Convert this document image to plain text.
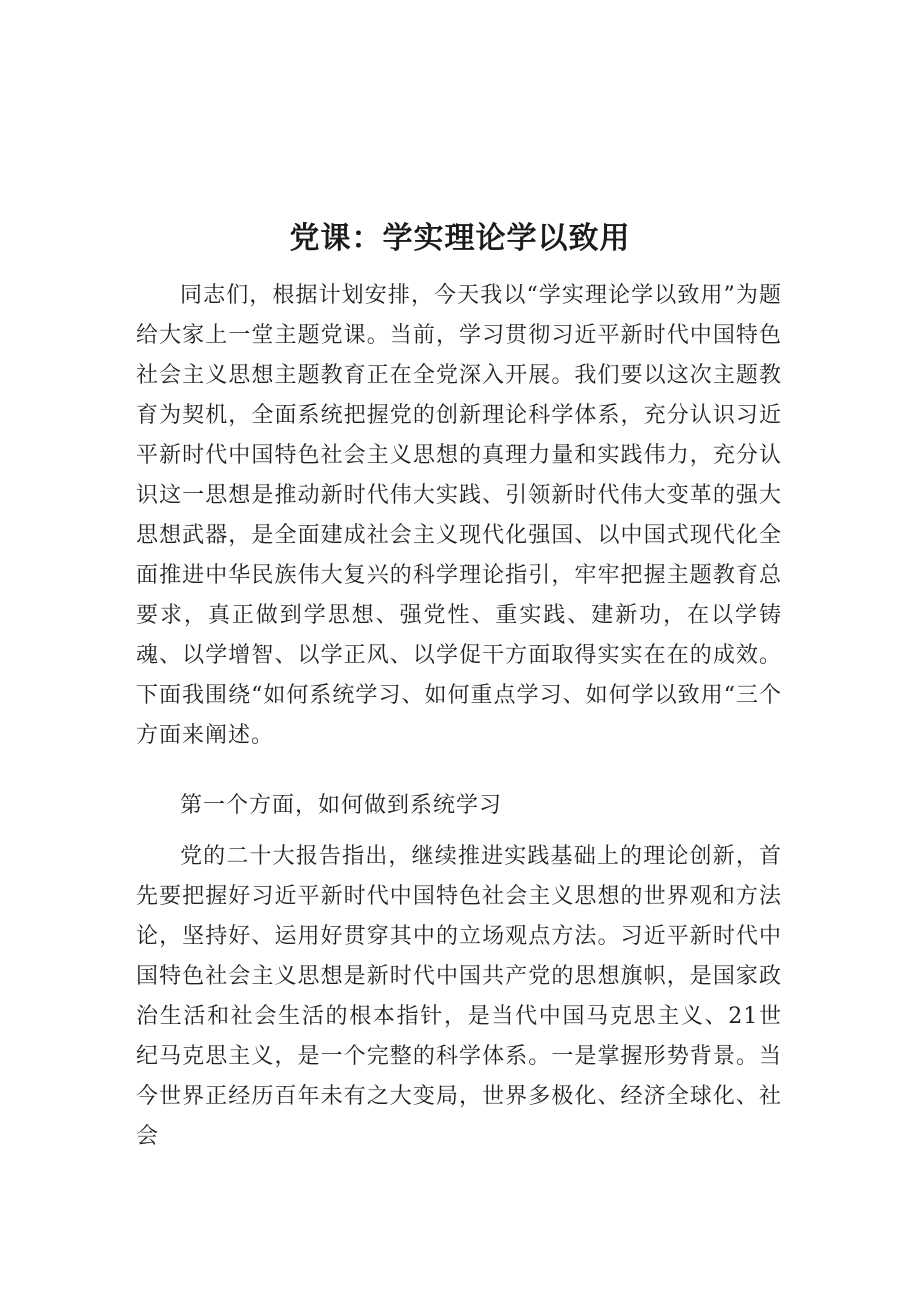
党课：学实理论学以致用

同志们，根据计划安排，今天我以“学实理论学以致用”为题给大家上一堂主题党课。当前，学习贯彻习近平新时代中国特色社会主义思想主题教育正在全党深入开展。我们要以这次主题教育为契机，全面系统把握党的创新理论科学体系，充分认识习近平新时代中国特色社会主义思想的真理力量和实践伟力，充分认识这一思想是推动新时代伟大实践、引领新时代伟大变革的强大思想武器，是全面建成社会主义现代化强国、以中国式现代化全面推进中华民族伟大复兴的科学理论指引，牢牢把握主题教育总要求，真正做到学思想、强党性、重实践、建新功，在以学铸魂、以学增智、以学正风、以学促干方面取得实实在在的成效。下面我围绕“如何系统学习、如何重点学习、如何学以致用“三个方面来阐述。

第一个方面，如何做到系统学习

党的二十大报告指出，继续推进实践基础上的理论创新，首先要把握好习近平新时代中国特色社会主义思想的世界观和方法论，坚持好、运用好贯穿其中的立场观点方法。习近平新时代中国特色社会主义思想是新时代中国共产党的思想旗帜，是国家政治生活和社会生活的根本指针，是当代中国马克思主义、21世纪马克思主义，是一个完整的科学体系。一是掌握形势背景。当今世界正经历百年未有之大变局，世界多极化、经济全球化、社会
